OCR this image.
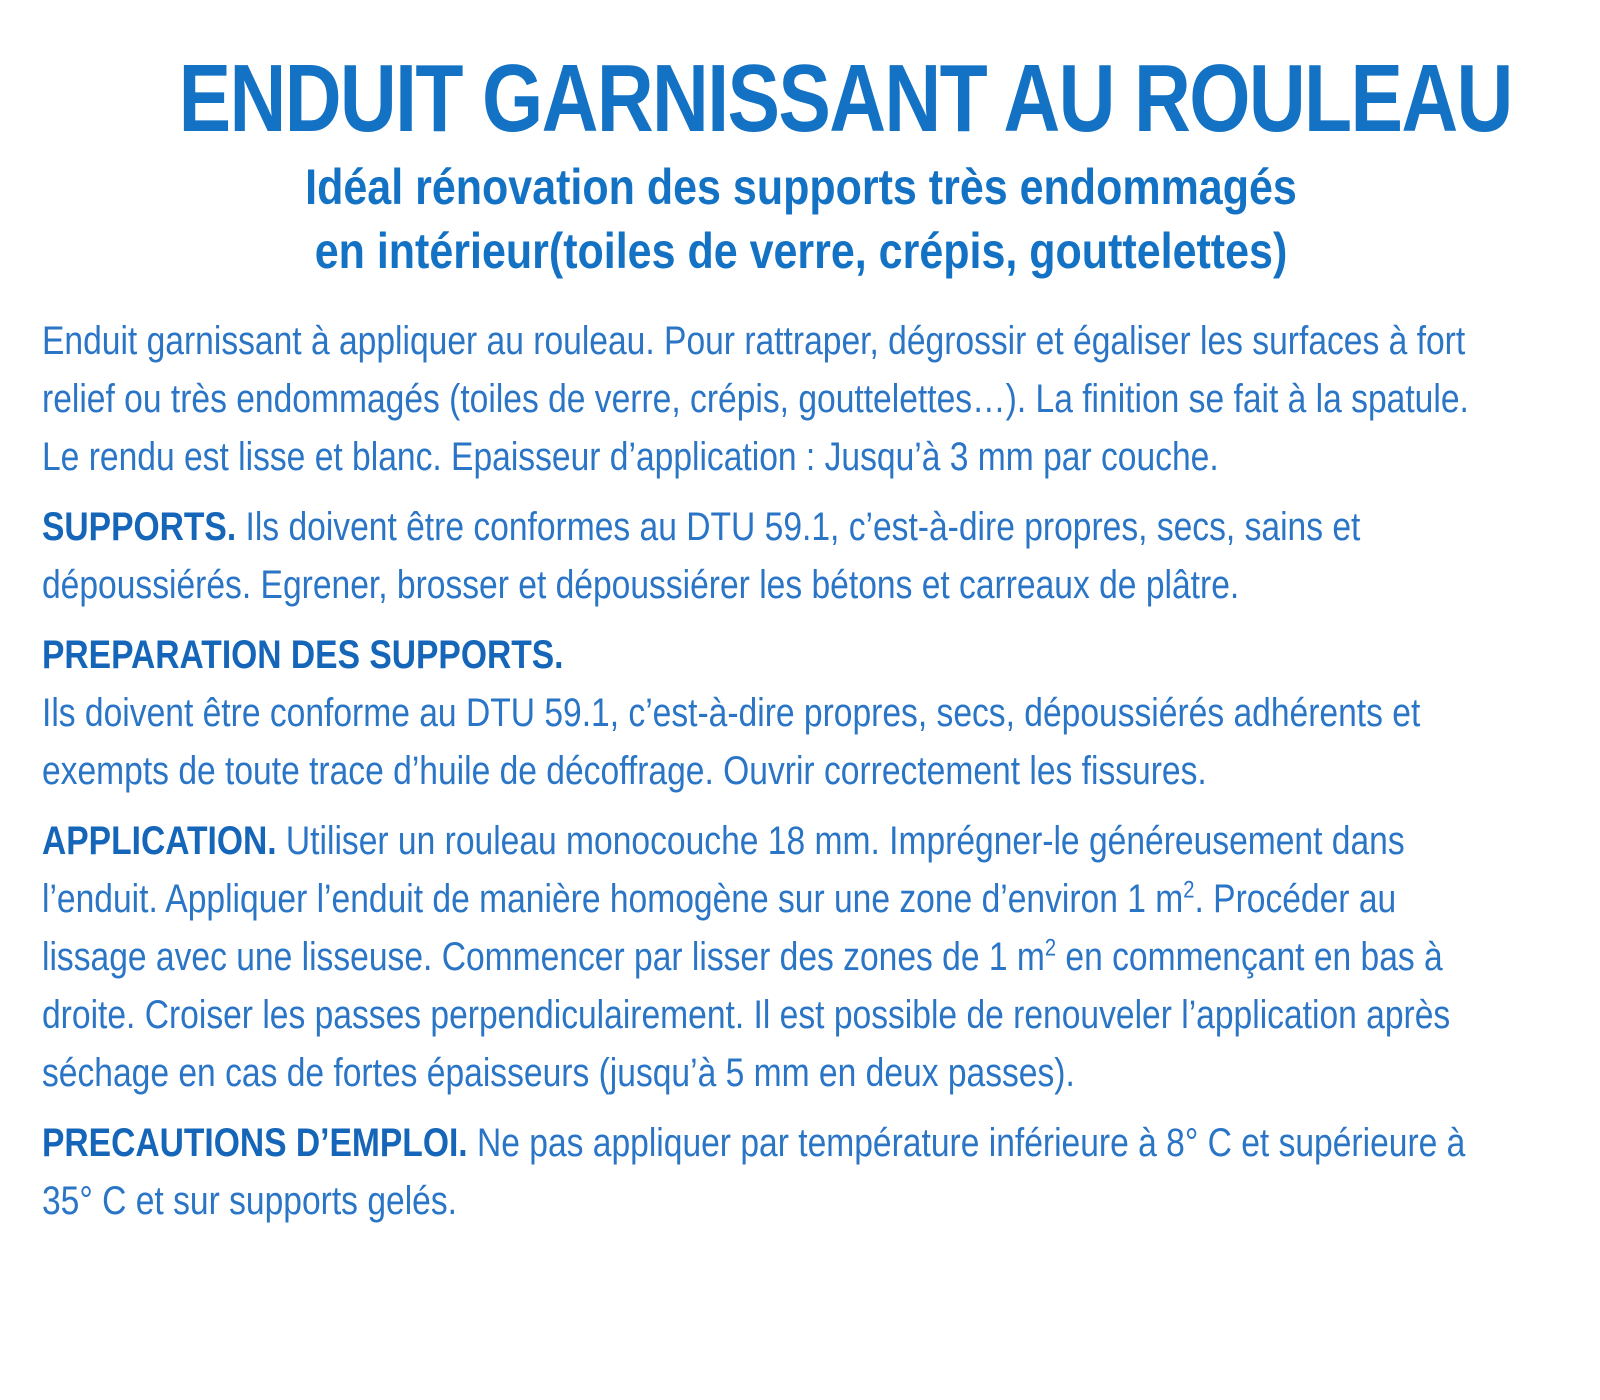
ENDUIT GARNISSANT AU ROULEAU
Idéal rénovation des supports très endommagés
en intérieur(toiles de verre, crépis, gouttelettes)

Enduit garnissant à appliquer au rouleau. Pour rattraper, dégrossir et égaliser les surfaces à fort relief ou très endommagés (toiles de verre, crépis, gouttelettes…). La finition se fait à la spatule. Le rendu est lisse et blanc. Epaisseur d’application : Jusqu’à 3 mm par couche.

SUPPORTS. Ils doivent être conformes au DTU 59.1, c’est-à-dire propres, secs, sains et dépoussiérés. Egrener, brosser et dépoussiérer les bétons et carreaux de plâtre.

PREPARATION DES SUPPORTS.
Ils doivent être conforme au DTU 59.1, c’est-à-dire propres, secs, dépoussiérés adhérents et exempts de toute trace d’huile de décoffrage. Ouvrir correctement les fissures.

APPLICATION. Utiliser un rouleau monocouche 18 mm. Imprégner-le généreusement dans l’enduit. Appliquer l’enduit de manière homogène sur une zone d’environ 1 $m^2$. Procéder au lissage avec une lisseuse. Commencer par lisser des zones de 1 $m^2$ en commençant en bas à droite. Croiser les passes perpendiculairement. Il est possible de renouveler l’application après séchage en cas de fortes épaisseurs (jusqu’à 5 mm en deux passes).

PRECAUTIONS D’EMPLOI. Ne pas appliquer par température inférieure à 8° C et supérieure à 35° C et sur supports gelés.
